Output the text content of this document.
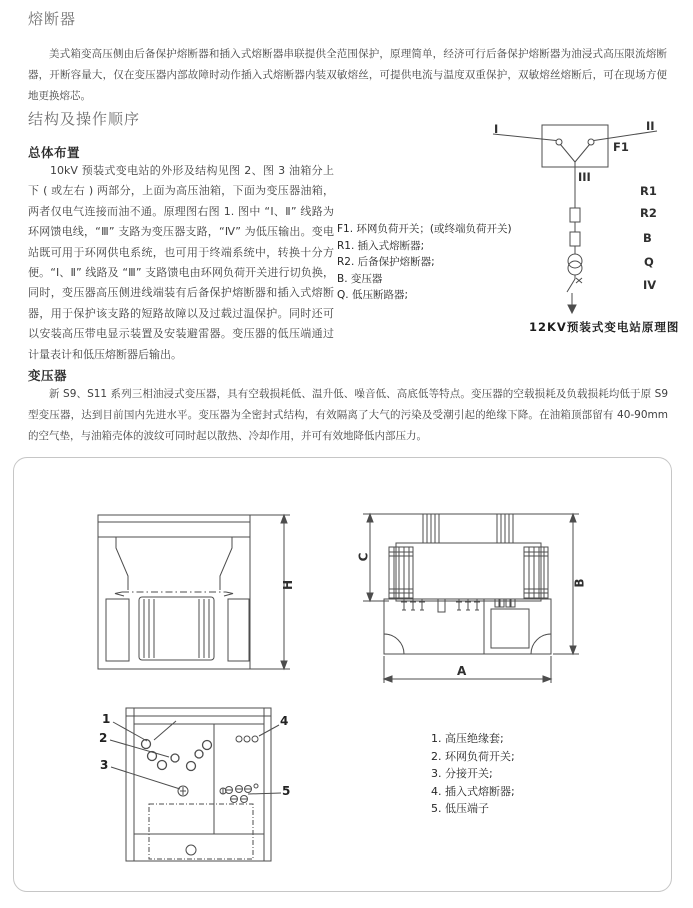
熔断器
美式箱变高压侧由后备保护熔断器和插入式熔断器串联提供全范围保护，原理简单，经济可行后备保护熔断器为油浸式高压限流熔断器，开断容量大，仅在变压器内部故障时动作插入式熔断器内装双敏熔丝，可提供电流与温度双重保护，双敏熔丝熔断后，可在现场方便地更换熔芯。
结构及操作顺序
总体布置
10kV 预装式变电站的外形及结构见图 2、图 3 油箱分上下 ( 或左右 ) 两部分，上面为高压油箱，下面为变压器油箱，两者仅电气连接而油不通。原理图右图 1. 图中 “Ⅰ、Ⅱ” 线路为环网馈电线，“Ⅲ” 支路为变压器支路，“Ⅳ” 为低压输出。变电站既可用于环网供电系统，也可用于终端系统中，转换十分方便。“Ⅰ、Ⅱ” 线路及 “Ⅲ” 支路馈电由环网负荷开关进行切负换，同时，变压器高压侧进线端装有后备保护熔断器和插入式熔断器，用于保护该支路的短路故障以及过载过温保护。同时还可以安装高压带电显示装置及安装避雷器。变压器的低压端通过计量表计和低压熔断器后输出。
I	II
F1
III
R1
R2
B
Q
IV
F1. 环网负荷开关；(或终端负荷开关)
R1. 插入式熔断器;
R2. 后备保护熔断器;
B. 变压器
Q. 低压断路器;
12KV预装式变电站原理图
变压器
新 S9、S11 系列三相油浸式变压器，具有空载损耗低、温升低、噪音低、高底低等特点。变压器的空载损耗及负载损耗均低于原 S9 型变压器，达到目前国内先进水平。变压器为全密封式结构，有效隔离了大气的污染及受潮引起的绝缘下降。在油箱顶部留有 40-90mm 的空气垫，与油箱壳体的波纹可同时起以散热、冷却作用，并可有效地降低内部压力。
H
C
B
A
1
2
3
4
5
1. 高压绝缘套;
2. 环网负荷开关;
3. 分接开关;
4. 插入式熔断器;
5. 低压端子
